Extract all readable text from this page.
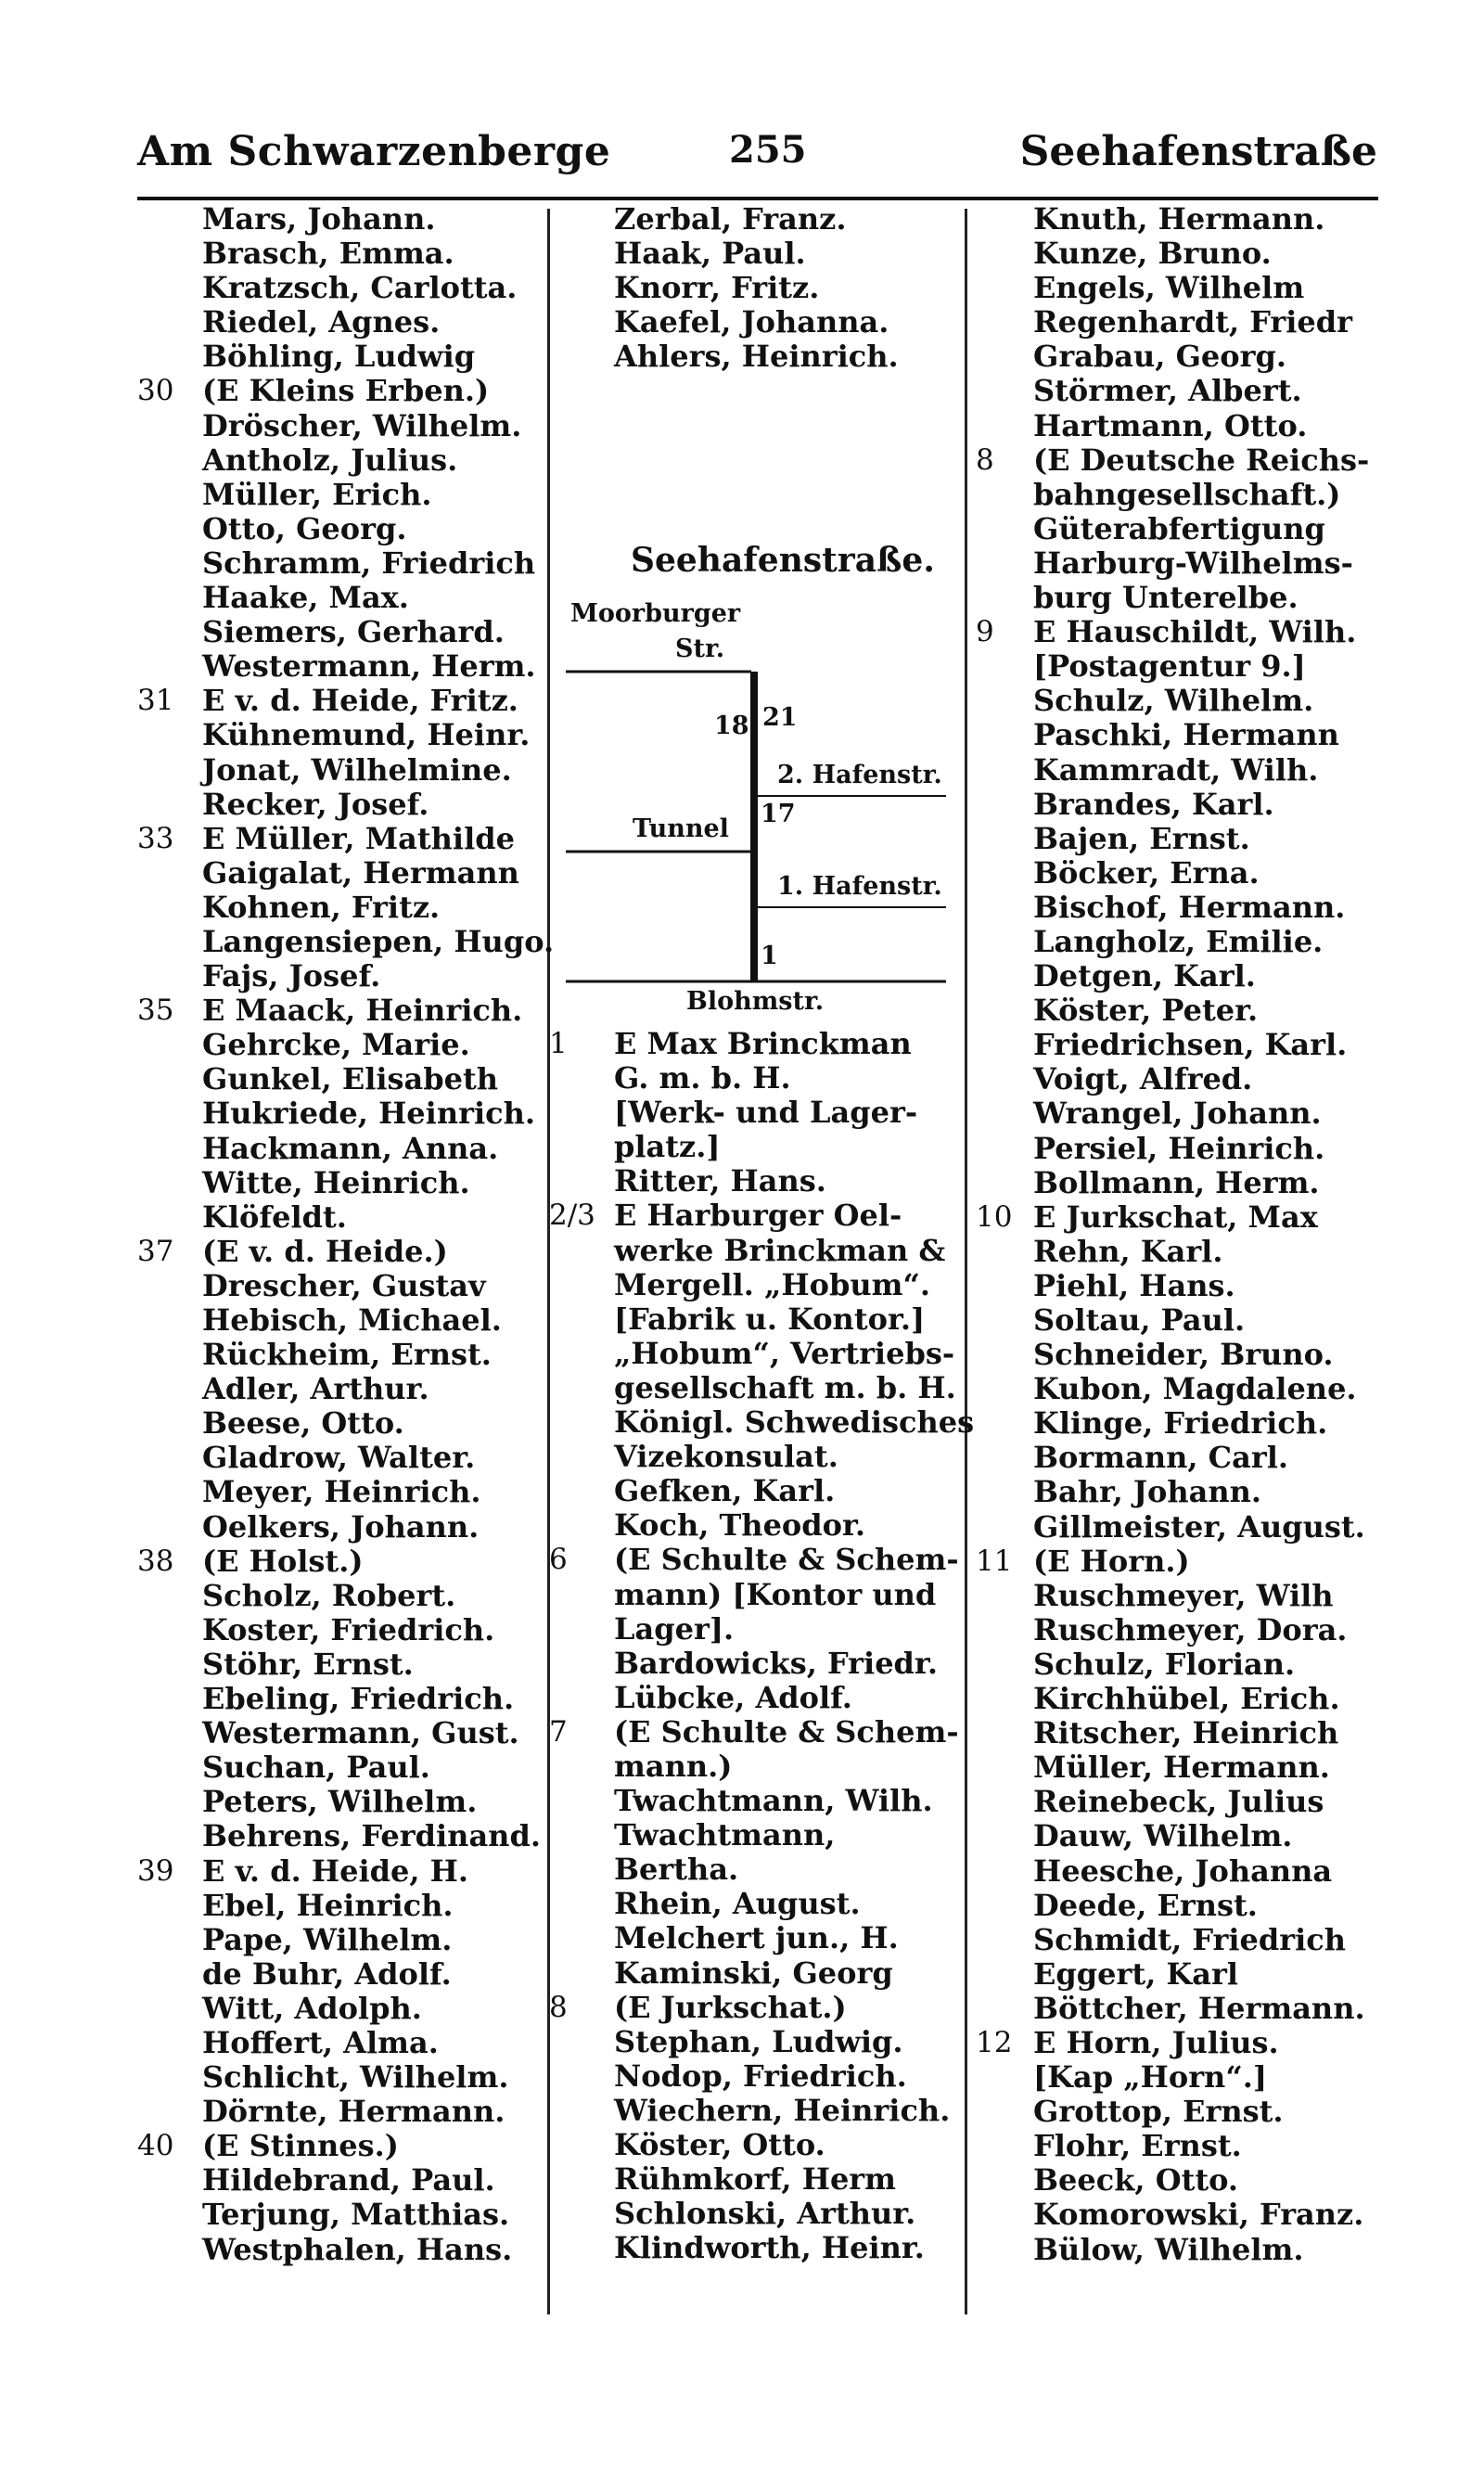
Am Schwarzenberge	255	Seehafenstraße
Mars, Johann.
Brasch, Emma.
Kratzsch, Carlotta.
Riedel, Agnes.
Böhling, Ludwig
30 (E Kleins Erben.)
Dröscher, Wilhelm.
Antholz, Julius.
Müller, Erich.
Otto, Georg.
Schramm, Friedrich
Haake, Max.
Siemers, Gerhard.
Westermann, Herm.
31 E v. d. Heide, Fritz.
Kühnemund, Heinr.
Jonat, Wilhelmine.
Recker, Josef.
33 E Müller, Mathilde
Gaigalat, Hermann
Kohnen, Fritz.
Langensiepen, Hugo.
Fajs, Josef.
35 E Maack, Heinrich.
Gehrcke, Marie.
Gunkel, Elisabeth
Hukriede, Heinrich.
Hackmann, Anna.
Witte, Heinrich.
Klöfeldt.
37 (E v. d. Heide.)
Drescher, Gustav
Hebisch, Michael.
Rückheim, Ernst.
Adler, Arthur.
Beese, Otto.
Gladrow, Walter.
Meyer, Heinrich.
Oelkers, Johann.
38 (E Holst.)
Scholz, Robert.
Koster, Friedrich.
Stöhr, Ernst.
Ebeling, Friedrich.
Westermann, Gust.
Suchan, Paul.
Peters, Wilhelm.
Behrens, Ferdinand.
39 E v. d. Heide, H.
Ebel, Heinrich.
Pape, Wilhelm.
de Buhr, Adolf.
Witt, Adolph.
Hoffert, Alma.
Schlicht, Wilhelm.
Dörnte, Hermann.
40 (E Stinnes.)
Hildebrand, Paul.
Terjung, Matthias.
Westphalen, Hans.
Zerbal, Franz.
Haak, Paul.
Knorr, Fritz.
Kaefel, Johanna.
Ahlers, Heinrich.
Seehafenstraße.
Moorburger
Str.
18 21
2. Hafenstr.
17
Tunnel
1. Hafenstr.
1
Blohmstr.
1 E Max Brinckman
G. m. b. H.
[Werk- und Lager-
platz.]
Ritter, Hans.
2/3 E Harburger Oel-
werke Brinckman &
Mergell. „Hobum“.
[Fabrik u. Kontor.]
„Hobum“, Vertriebs-
gesellschaft m. b. H.
Königl. Schwedisches
Vizekonsulat.
Gefken, Karl.
Koch, Theodor.
6 (E Schulte & Schem-
mann) [Kontor und
Lager].
Bardowicks, Friedr.
Lübcke, Adolf.
7 (E Schulte & Schem-
mann.)
Twachtmann, Wilh.
Twachtmann,
Bertha.
Rhein, August.
Melchert jun., H.
Kaminski, Georg
8 (E Jurkschat.)
Stephan, Ludwig.
Nodop, Friedrich.
Wiechern, Heinrich.
Köster, Otto.
Rühmkorf, Herm
Schlonski, Arthur.
Klindworth, Heinr.
Knuth, Hermann.
Kunze, Bruno.
Engels, Wilhelm
Regenhardt, Friedr
Grabau, Georg.
Störmer, Albert.
Hartmann, Otto.
8 (E Deutsche Reichs-
bahngesellschaft.)
Güterabfertigung
Harburg-Wilhelms-
burg Unterelbe.
9 E Hauschildt, Wilh.
[Postagentur 9.]
Schulz, Wilhelm.
Paschki, Hermann
Kammradt, Wilh.
Brandes, Karl.
Bajen, Ernst.
Böcker, Erna.
Bischof, Hermann.
Langholz, Emilie.
Detgen, Karl.
Köster, Peter.
Friedrichsen, Karl.
Voigt, Alfred.
Wrangel, Johann.
Persiel, Heinrich.
Bollmann, Herm.
10 E Jurkschat, Max
Rehn, Karl.
Piehl, Hans.
Soltau, Paul.
Schneider, Bruno.
Kubon, Magdalene.
Klinge, Friedrich.
Bormann, Carl.
Bahr, Johann.
Gillmeister, August.
11 (E Horn.)
Ruschmeyer, Wilh
Ruschmeyer, Dora.
Schulz, Florian.
Kirchhübel, Erich.
Ritscher, Heinrich
Müller, Hermann.
Reinebeck, Julius
Dauw, Wilhelm.
Heesche, Johanna
Deede, Ernst.
Schmidt, Friedrich
Eggert, Karl
Böttcher, Hermann.
12 E Horn, Julius.
[Kap „Horn“.]
Grottop, Ernst.
Flohr, Ernst.
Beeck, Otto.
Komorowski, Franz.
Bülow, Wilhelm.
